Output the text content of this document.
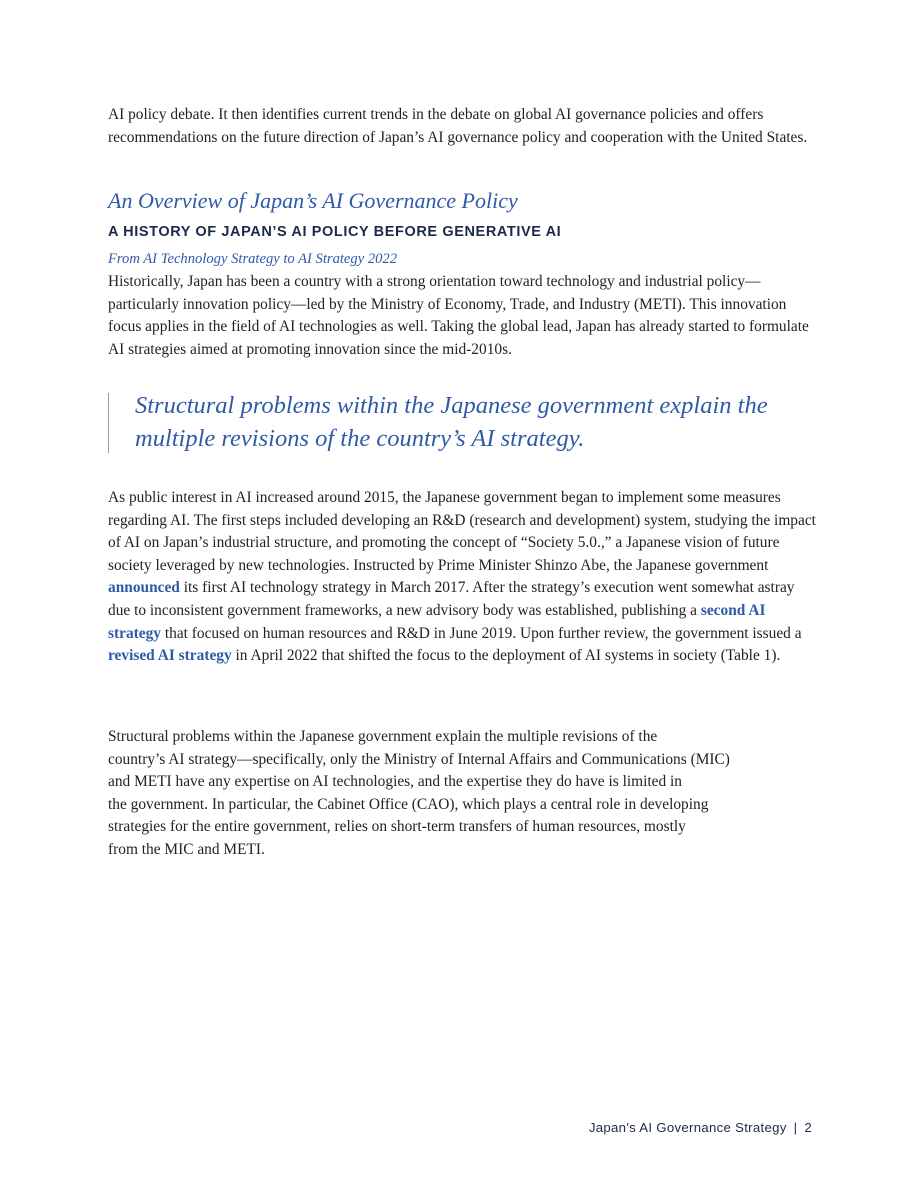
AI policy debate. It then identifies current trends in the debate on global AI governance policies and offers recommendations on the future direction of Japan’s AI governance policy and cooperation with the United States.

An Overview of Japan’s AI Governance Policy
A HISTORY OF JAPAN’S AI POLICY BEFORE GENERATIVE AI
From AI Technology Strategy to AI Strategy 2022

Historically, Japan has been a country with a strong orientation toward technology and industrial policy—particularly innovation policy—led by the Ministry of Economy, Trade, and Industry (METI). This innovation focus applies in the field of AI technologies as well. Taking the global lead, Japan has already started to formulate AI strategies aimed at promoting innovation since the mid-2010s.

Structural problems within the Japanese government explain the multiple revisions of the country’s AI strategy.

As public interest in AI increased around 2015, the Japanese government began to implement some measures regarding AI. The first steps included developing an R&D (research and development) system, studying the impact of AI on Japan’s industrial structure, and promoting the concept of “Society 5.0.,” a Japanese vision of future society leveraged by new technologies. Instructed by Prime Minister Shinzo Abe, the Japanese government announced its first AI technology strategy in March 2017. After the strategy’s execution went somewhat astray due to inconsistent government frameworks, a new advisory body was established, publishing a second AI strategy that focused on human resources and R&D in June 2019. Upon further review, the government issued a revised AI strategy in April 2022 that shifted the focus to the deployment of AI systems in society (Table 1).

Structural problems within the Japanese government explain the multiple revisions of the
country’s AI strategy—specifically, only the Ministry of Internal Affairs and Communications (MIC)
and METI have any expertise on AI technologies, and the expertise they do have is limited in
the government. In particular, the Cabinet Office (CAO), which plays a central role in developing
strategies for the entire government, relies on short-term transfers of human resources, mostly
from the MIC and METI.

Japan's AI Governance Strategy | 2
